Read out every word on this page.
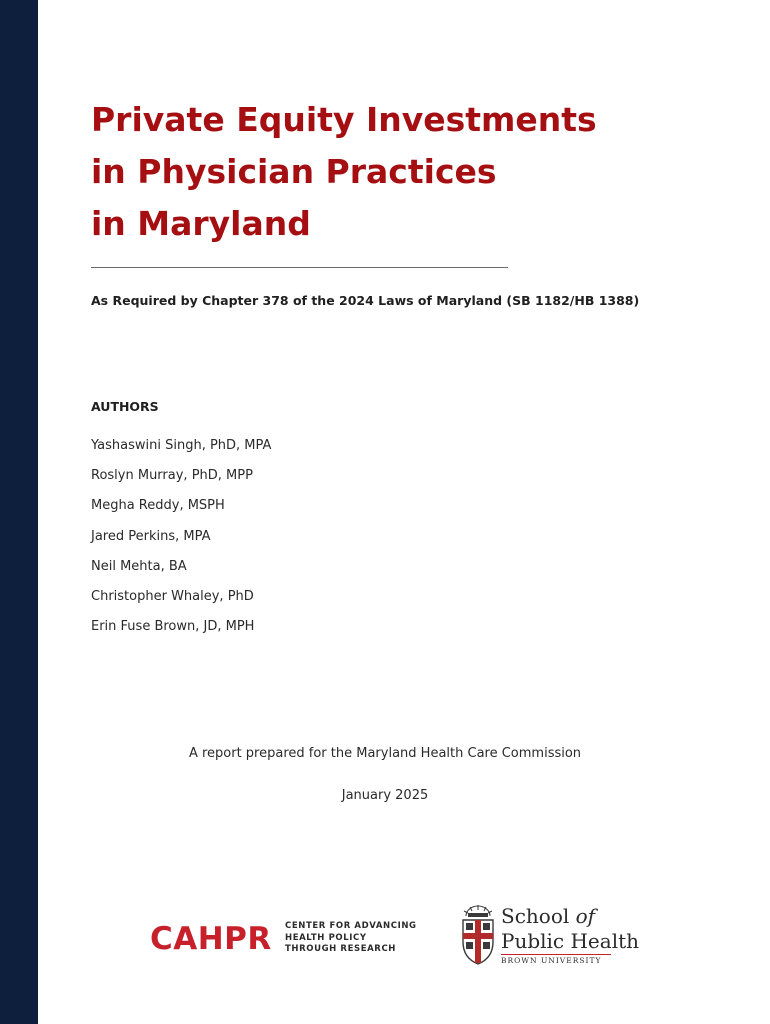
Private Equity Investments
in Physician Practices
in Maryland

As Required by Chapter 378 of the 2024 Laws of Maryland (SB 1182/HB 1388)

AUTHORS
Yashaswini Singh, PhD, MPA
Roslyn Murray, PhD, MPP
Megha Reddy, MSPH
Jared Perkins, MPA
Neil Mehta, BA
Christopher Whaley, PhD
Erin Fuse Brown, JD, MPH
A report prepared for the Maryland Health Care Commission
January 2025
CAHPR CENTER FOR ADVANCING
HEALTH POLICY
THROUGH RESEARCH
School of
Public Health
BROWN UNIVERSITY
